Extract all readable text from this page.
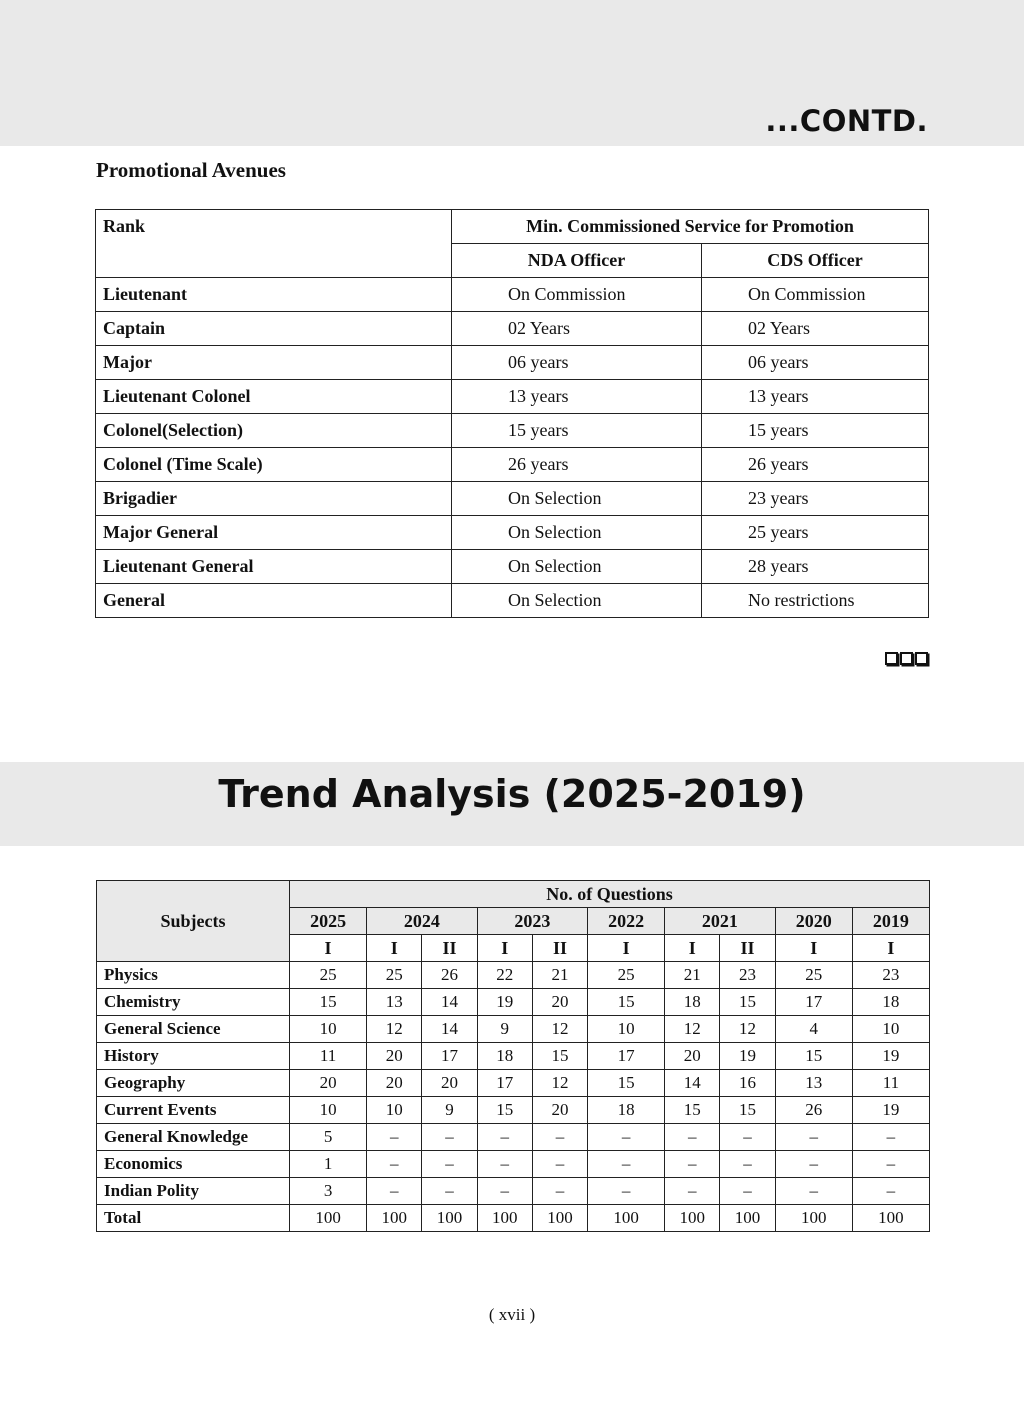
...CONTD.

Promotional Avenues
Rank	Min. Commissioned Service for Promotion	
	NDA Officer	CDS Officer
Lieutenant	On Commission	On Commission
Captain	02 Years	02 Years
Major	06 years	06 years
Lieutenant Colonel	13 years	13 years
Colonel(Selection)	15 years	15 years
Colonel (Time Scale)	26 years	26 years
Brigadier	On Selection	23 years
Major General	On Selection	25 years
Lieutenant General	On Selection	28 years
General	On Selection	No restrictions
Trend Analysis (2025-2019)
Subjects	No. of Questions									
	2025	2024		2023		2022	2021		2020	2019
	I	I	II	I	II	I	I	II	I	I
Physics	25	25	26	22	21	25	21	23	25	23
Chemistry	15	13	14	19	20	15	18	15	17	18
General Science	10	12	14	9	12	10	12	12	4	10
History	11	20	17	18	15	17	20	19	15	19
Geography	20	20	20	17	12	15	14	16	13	11
Current Events	10	10	9	15	20	18	15	15	26	19
General Knowledge	5	–	–	–	–	–	–	–	–	–
Economics	1	–	–	–	–	–	–	–	–	–
Indian Polity	3	–	–	–	–	–	–	–	–	–
Total	100	100	100	100	100	100	100	100	100	100

( xvii )
